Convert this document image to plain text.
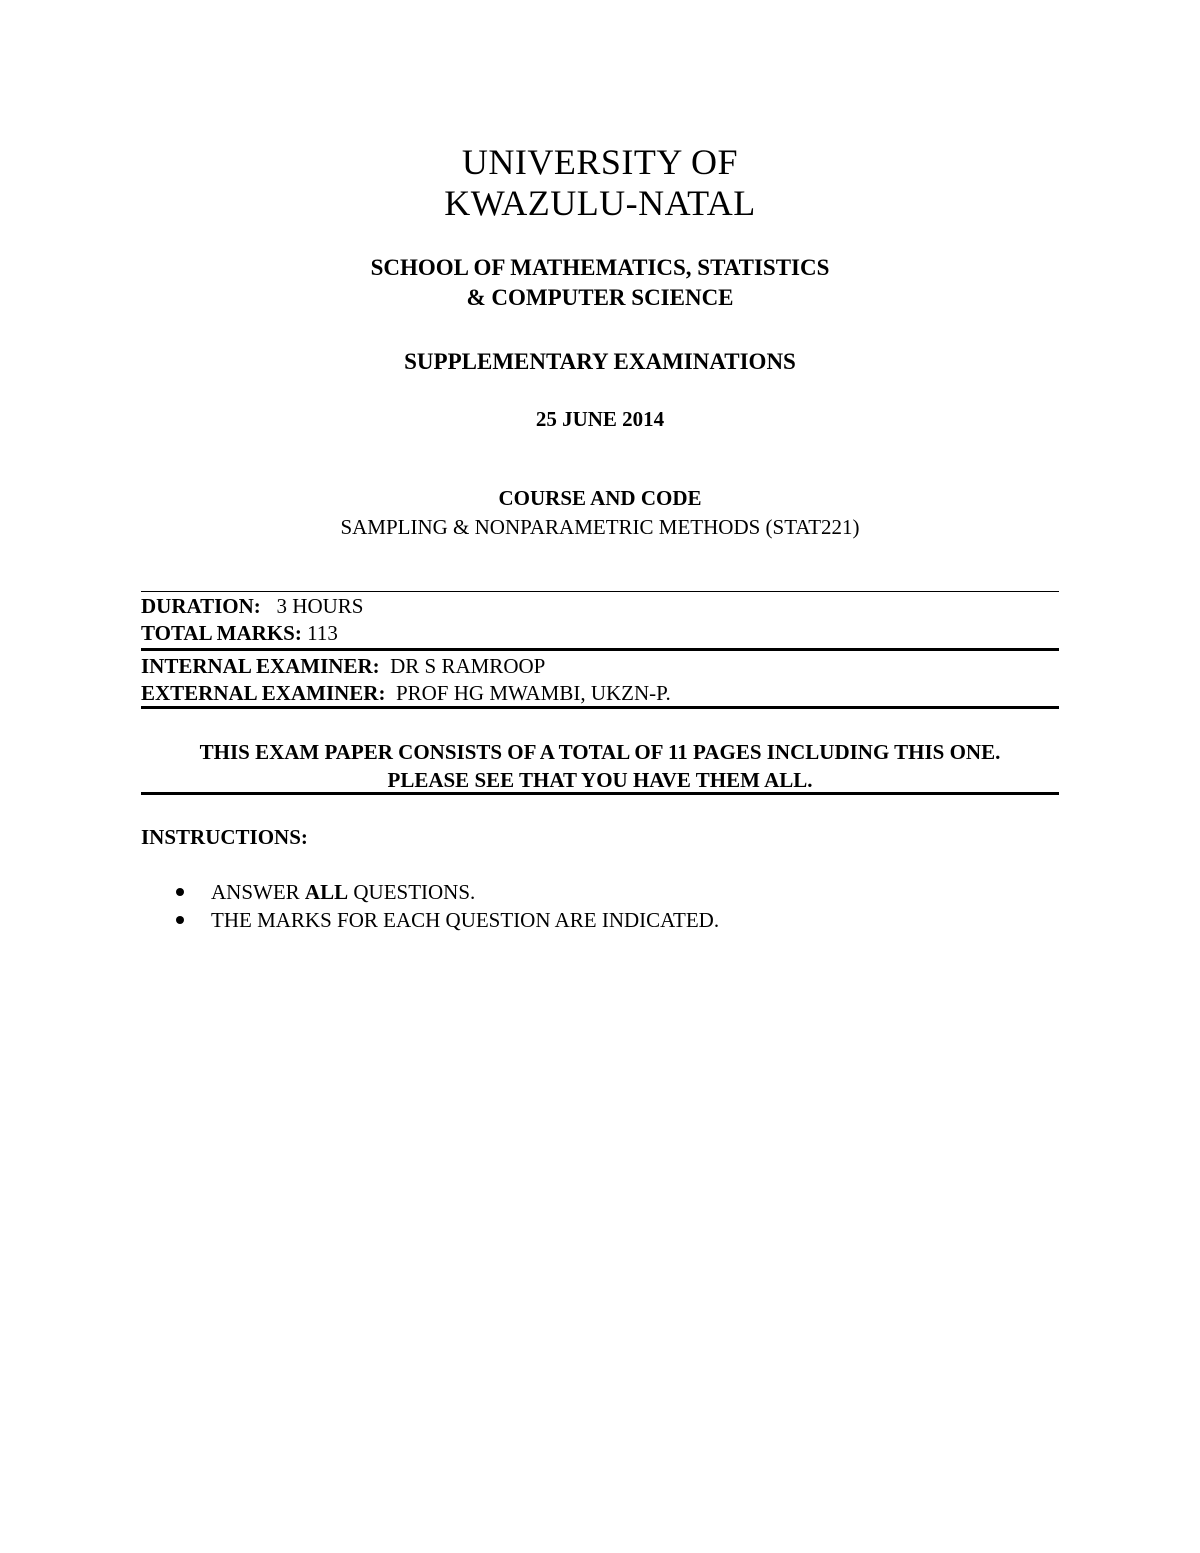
UNIVERSITY OF
KWAZULU-NATAL
SCHOOL OF MATHEMATICS, STATISTICS
& COMPUTER SCIENCE
SUPPLEMENTARY EXAMINATIONS
25 JUNE 2014
COURSE AND CODE
SAMPLING & NONPARAMETRIC METHODS (STAT221)
DURATION: 3 HOURS
TOTAL MARKS: 113
INTERNAL EXAMINER: DR S RAMROOP
EXTERNAL EXAMINER: PROF HG MWAMBI, UKZN-P.
THIS EXAM PAPER CONSISTS OF A TOTAL OF 11 PAGES INCLUDING THIS ONE.
PLEASE SEE THAT YOU HAVE THEM ALL.
INSTRUCTIONS:
ANSWER ALL QUESTIONS.
THE MARKS FOR EACH QUESTION ARE INDICATED.
